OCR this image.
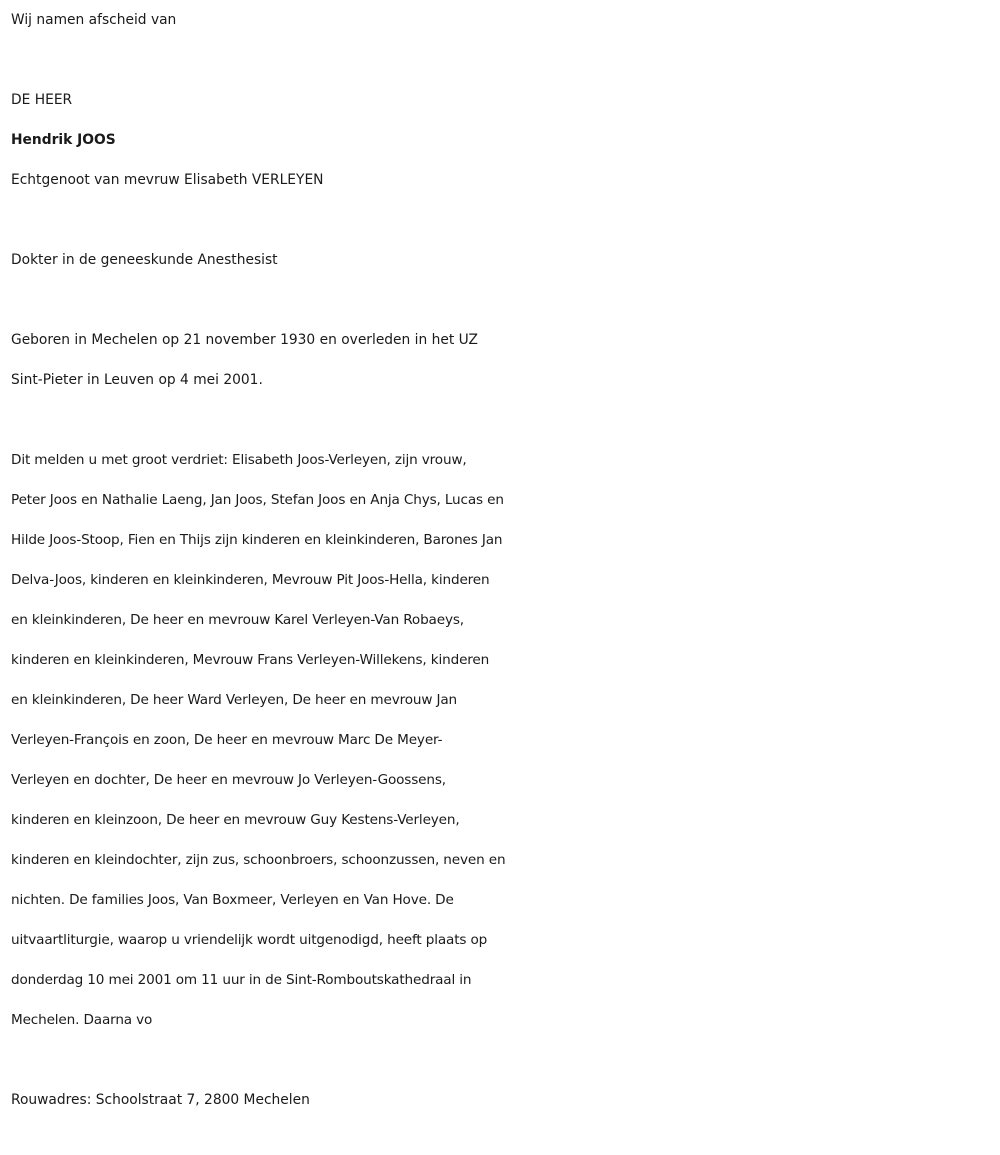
Wij namen afscheid van

DE HEER

Hendrik JOOS

Echtgenoot van mevruw Elisabeth VERLEYEN

Dokter in de geneeskunde Anesthesist

Geboren in Mechelen op 21 november 1930 en overleden in het UZ

Sint-Pieter in Leuven op 4 mei 2001.

Dit melden u met groot verdriet: Elisabeth Joos-Verleyen, zijn vrouw,

Peter Joos en Nathalie Laeng, Jan Joos, Stefan Joos en Anja Chys, Lucas en

Hilde Joos-Stoop, Fien en Thijs zijn kinderen en kleinkinderen, Barones Jan

Delva-Joos, kinderen en kleinkinderen, Mevrouw Pit Joos-Hella, kinderen

en kleinkinderen, De heer en mevrouw Karel Verleyen-Van Robaeys,

kinderen en kleinkinderen, Mevrouw Frans Verleyen-Willekens, kinderen

en kleinkinderen, De heer Ward Verleyen, De heer en mevrouw Jan

Verleyen-François en zoon, De heer en mevrouw Marc De Meyer-

Verleyen en dochter, De heer en mevrouw Jo Verleyen-Goossens,

kinderen en kleinzoon, De heer en mevrouw Guy Kestens-Verleyen,

kinderen en kleindochter, zijn zus, schoonbroers, schoonzussen, neven en

nichten. De families Joos, Van Boxmeer, Verleyen en Van Hove. De

uitvaartliturgie, waarop u vriendelijk wordt uitgenodigd, heeft plaats op

donderdag 10 mei 2001 om 11 uur in de Sint-Romboutskathedraal in

Mechelen. Daarna vo

Rouwadres: Schoolstraat 7, 2800 Mechelen
